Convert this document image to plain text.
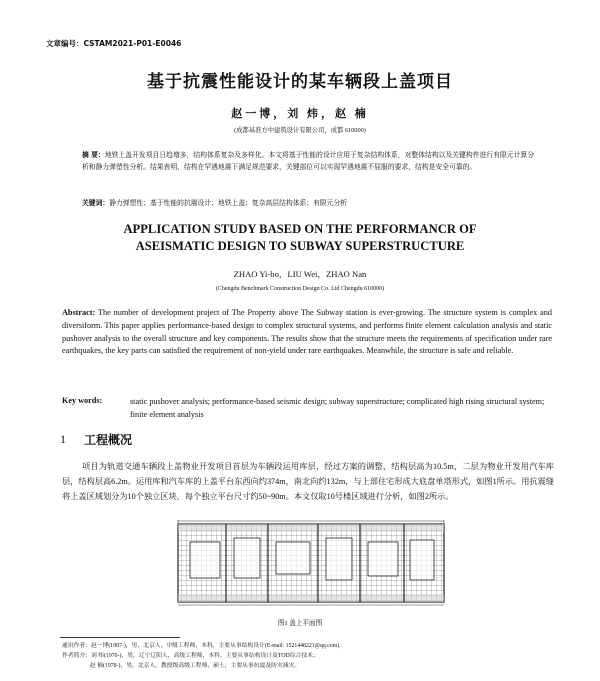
文章编号：CSTAM2021-P01-E0046
基于抗震性能设计的某车辆段上盖项目
赵一博，刘 炜，赵 楠
(成都基准方中建筑设计有限公司，成都 610000)
摘 要：地铁上盖开发项目日趋增多，结构体系复杂及多样化。本文将基于性能的设计应用于复杂结构体系，对整体结构以及关键构件进行有限元计算分析和静力弹塑性分析。结果表明，结构在罕遇地震下满足规范要求，关键部位可以实现罕遇地震不屈服的要求，结构是安全可靠的。
关键词：静力弹塑性；基于性能的抗震设计；地铁上盖；复杂高层结构体系；有限元分析
APPLICATION STUDY BASED ON THE PERFORMANCR OF
ASEISMATIC DESIGN TO SUBWAY SUPERSTRUCTURE
ZHAO Yi-bo，LIU Wei，ZHAO Nan
(Chengdu Benchmark Construction Design Co. Ltd Chengdu 610000)
Abstract: The number of development project of The Property above The Subway station is ever-growing. The structure system is complex and diversiform. This paper applies performance-based design to complex structural systems, and performs finite element calculation analysis and static pushover analysis to the overall structure and key components. The results show that the structure meets the requirements of specification under rare earthquakes, the key parts can satisfied the requirement of non-yield under rare earthquakes. Meanwhile, the structure is safe and reliable.
Key words:	static pushover analysis; performance-based seismic design; subway superstructure; complicated high rising structural system; finite element analysis
1 工程概况
项目为轨道交通车辆段上盖物业开发项目首层为车辆段运用库层，经过方案的调整，结构层高为10.5m，二层为物业开发用汽车库层，结构层高6.2m。运用库和汽车库的上盖平台东西向约374m，南北向约132m，与上部住宅形成大底盘单塔形式，如图1所示。用抗震缝将上盖区域划分为10个独立区块，每个独立平台尺寸约50~90m。本文仅取10号楼区域进行分析，如图2所示。
图1 盖上平面图
通讯作者：赵一博(1987-)，男，北京人，中级工程师，本科，主要从事结构设计(E-mail: 1521448221@qq.com).
作者简介：刘 炜(1970-)，男，辽宁辽阳人，高级工程师，本科，主要从事结构设计及TOD综合技术；
赵 楠(1978-)，男，北京人，教授级高级工程师，硕士，主要从事抗震及防灾减灾。
